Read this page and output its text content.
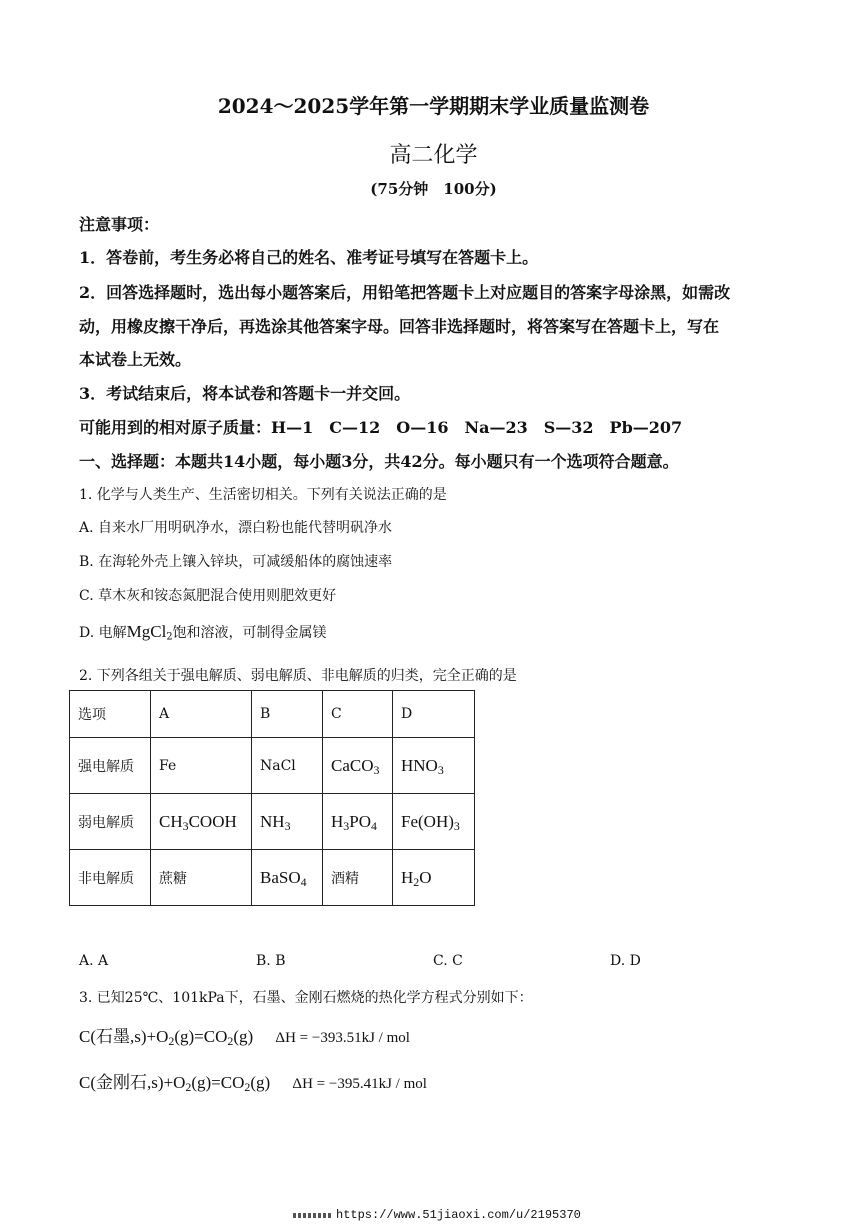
2024～2025学年第一学期期末学业质量监测卷
高二化学
(75分钟　100分)
注意事项：
1．答卷前，考生务必将自己的姓名、准考证号填写在答题卡上。
2．回答选择题时，选出每小题答案后，用铅笔把答题卡上对应题目的答案字母涂黑，如需改
动，用橡皮擦干净后，再选涂其他答案字母。回答非选择题时，将答案写在答题卡上，写在
本试卷上无效。
3．考试结束后，将本试卷和答题卡一并交回。
可能用到的相对原子质量：H—1　C—12　O—16　Na—23　S—32　Pb—207
一、选择题：本题共14小题，每小题3分，共42分。每小题只有一个选项符合题意。
1. 化学与人类生产、生活密切相关。下列有关说法正确的是
A. 自来水厂用明矾净水，漂白粉也能代替明矾净水
B. 在海轮外壳上镶入锌块，可减缓船体的腐蚀速率
C. 草木灰和铵态氮肥混合使用则肥效更好
D. 电解MgCl$_2$饱和溶液，可制得金属镁
2. 下列各组关于强电解质、弱电解质、非电解质的归类，完全正确的是
选项	A	B	C	D
强电解质	Fe	NaCl	CaCO$_3$	$HNO_3$
弱电解质	$CH_3COOH$	$NH_3$	$H_3PO_4$	$Fe(OH)_3$
非电解质	蔗糖	BaSO$_4$	酒精	$H_2O$
A. A	B. B	C. C	D. D
3. 已知25℃、101kPa下，石墨、金刚石燃烧的热化学方程式分别如下：
C(石墨$,s)+O_2(g)=CO_2(g)$ ΔH = −393.51kJ / mol
C(金刚石$,s)+O_2(g)=CO_2(g)$ ΔH = −395.41kJ / mol
https://www.51jiaoxi.com/u/2195370
